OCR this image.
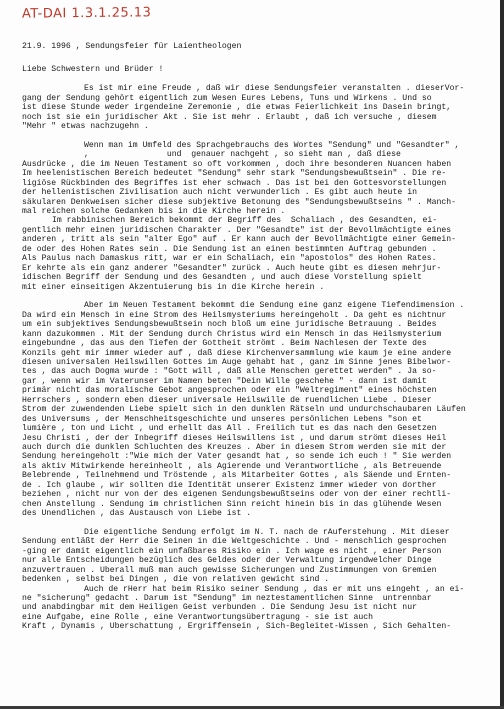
AT-DAI 1.3.1.25.13
21.9. 1996 , Sendungsfeier für Laientheologen
Liebe Schwestern und Brüder !
Es ist mir eine Freude , daß wir diese Sendungsfeier veranstalten . dieserVor-
gang der Sendung gehört eigentlich zum Wesen Eures Lebens, Tuns und Wirkens . Und so
ist diese Stunde weder irgendeine Zeremonie , die etwas Feierlichkeit ins Dasein bringt,
noch ist sie ein juridischer Akt . Sie ist mehr . Erlaubt , daß ich versuche , diesem
"Mehr " etwas nachzugehn .
Wenn man im Umfeld des Sprachgebrauchs des Wortes "Sendung" und "Gesandter" ,
,                und  genauer nachgeht , so sieht man , daß diese
Ausdrücke , die im Neuen Testament so oft vorkommen , doch ihre besonderen Nuancen haben
Im heelenistischen Bereich bedeutet "Sendung" sehr stark "Sendungsbewußtsein" . Die re-
ligiöse Rückbinden des Begriffes ist eher schwach . Das ist bei den Gottesvorstellungen
der hellenistischen Zivilisation auch nicht verwunderlich . Es gibt auch heute in
säkularen Denkweisen sicher diese subjektive Betonung des "Sendungsbewußtseins " . Manch-
mal reichen solche Gedanken bis in die Kirche herein .
Im rabbinischen Bereich bekommt der Begriff des  Schaliach , des Gesandten, ei-
gentlich mehr einen juridischen Charakter . Der "Gesandte" ist der Bevollmächtigte eines
anderen , tritt als sein "alter Ego" auf . Er kann auch der Bevollmächtigte einer Gemein-
de oder des Hohen Rates sein . Die Sendung ist an einen bestimmten Auftrag gebunden .
Als Paulus nach Damaskus ritt, war er ein Schaliach, ein "apostolos" des Hohen Rates.
Er kehrte als ein ganz anderer "Gesandter" zurück . Auch heute gibt es diesen mehrjur-
idischen Begriff der Sendung und des Gesandten , und auch diese Vorstellung spielt
mit einer einseitigen Akzentuierung bis in die Kirche herein .
Aber im Neuen Testament bekommt die Sendung eine ganz eigene Tiefendimension .
Da wird ein Mensch in eine Strom des Heilsmysteriums hereingeholt . Da geht es nichtnur
um ein subjektives Sendungsbewußtsein noch bloß um eine juridische Betrauung . Beides
kann dazukommen . Mit der Sendung durch Christus wird ein Mensch in das Heilsmysterium
eingebundne , das aus den Tiefen der Gottheit strömt . Beim Nachlesen der Texte des
Konzils geht mir immer wieder auf , daß diese Kirchenversammlung wie kaum je eine andere
diesen universalen Heilswillen Gottes im Auge gehabt hat , ganz im Sinne jenes Bibelwor-
tes , das auch Dogma wurde : "Gott will , daß alle Menschen gerettet werden" . Ja so-
gar , wenn wir im Vaterunser im Namen beten "Dein Wille geschehe " - dann ist damit
primär nicht das moralische Gebot angesprochen oder ein "Weltregiment" eines höchsten
Herrschers , sondern eben dieser universale Heilswille de ruendlichen Liebe . Dieser
Strom der zuwendenden Liebe spielt sich in den dunklen Rätseln und undurchschaubaren Läufen
des Universums , der Menschheitsgeschichte und unseres persönlichen Lebens "son et
lumière , ton und Licht , und erhellt das All . Freilich tut es das nach den Gesetzen
Jesu Christi , der der Inbegriff dieses Heilswillens ist , und darum strömt dieses Heil
auch durch die dunklen Schluchten des Kreuzes . Aber in diesem Strom werden sie mit der
Sendung hereingeholt :"Wie mich der Vater gesandt hat , so sende ich euch ! " Sie werden
als aktiv Mitwirkende hereinheolt , als Agierende und Verantwortliche , als Betreuende
Belebrende , Teilnehmend und Tröstende , als Mitarbeiter Gottes , als Säende und Ernten-
de . Ich glaube , wir sollten die Identität unserer Existenz immer wieder von dorther
beziehen , nicht nur von der des eigenen Sendungsbewußtseins oder von der einer rechtli-
chen Anstellung . Sendung im christlichen Sinn reicht hinein bis in das glühende Wesen
des Unendlichen , das Austausch von Liebe ist .
Die eigentliche Sendung erfolgt im N. T. nach de rAuferstehung . Mit dieser
Sendung entläßt der Herr die Seinen in die Weltgeschichte . Und - menschlich gesprochen
-ging er damit eigentlich ein unfaßbares Risiko ein . Ich wage es nicht , einer Person
nur alle Entscheidungen bezüglich des Geldes oder der Verwaltung irgendwelcher Dinge
anzuvertrauen . Überall muß man auch gewisse Sicherungen und Zustimmungen von Gremien
bedenken , selbst bei Dingen , die von relativen gewicht sind .
Auch de rHerr hat beim Risiko seiner Sendung , das er mit uns eingeht , an ei-
ne "sicherung" gedacht . Darum ist "Sendung" im neztestamentlichen Sinne  untrennbar
und anabdingbar mit dem Heiligen Geist verbunden . Die Sendung Jesu ist nicht nur
eine Aufgabe, eine Rolle , eine Verantwortungsübertragung - sie ist auch
Kraft , Dynamis , Überschattung , Ergriffensein , Sich-Begleitet-Wissen , Sich Gehalten-
